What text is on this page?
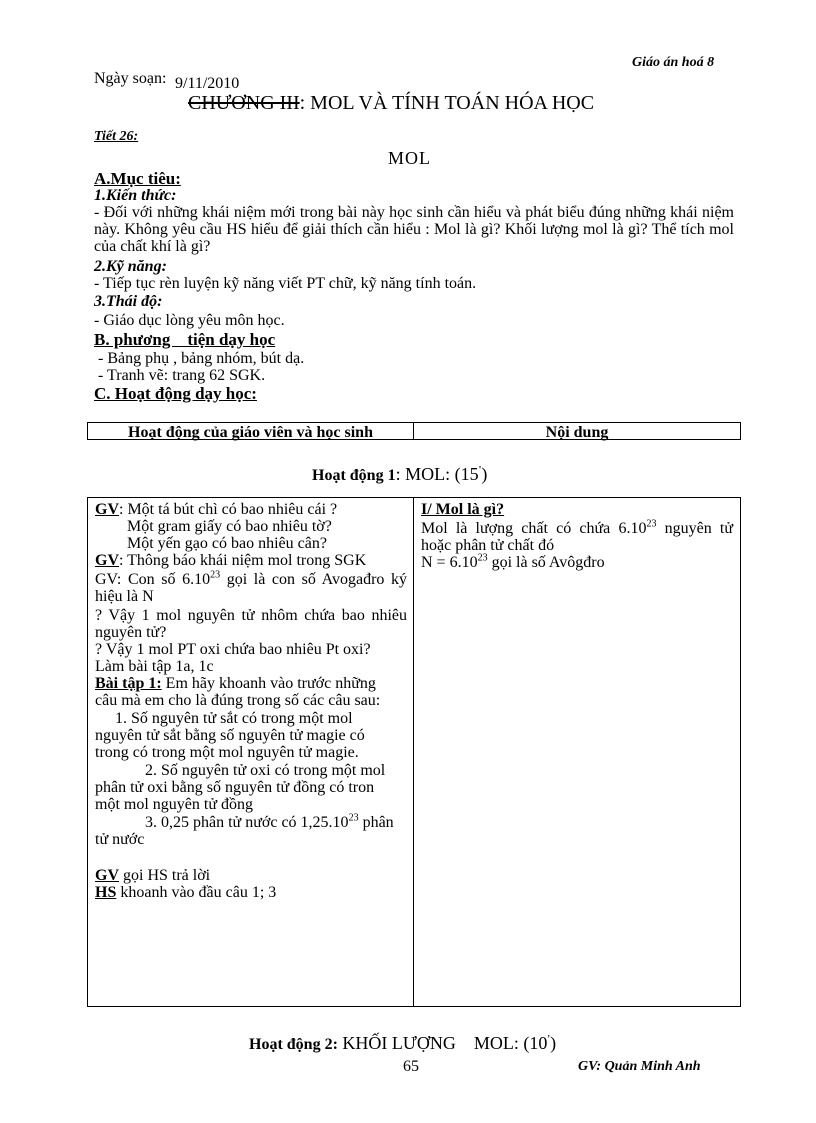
Giáo án hoá 8
Ngày soạn: 9/11/2010
CHƯƠNG III: MOL VÀ TÍNH TOÁN HÓA HỌC
Tiết 26:
MOL
A.Mục tiêu:
1.Kiến thức:
- Đối với những khái niệm mới trong bài này học sinh cần hiểu và phát biểu đúng những khái niệm này. Không yêu cầu HS hiểu để giải thích cần hiểu : Mol là gì? Khối lượng mol là gì? Thể tích mol của chất khí là gì?
2.Kỹ năng:
- Tiếp tục rèn luyện kỹ năng viết PT chữ, kỹ năng tính toán.
3.Thái độ:
- Giáo dục lòng yêu môn học.
B. phương    tiện dạy học
- Bảng phụ , bảng nhóm, bút dạ.
- Tranh vẽ: trang 62 SGK.
C. Hoạt động dạy học:
Hoạt động của giáo viên và học sinh	Nội dung
Hoạt động 1: MOL: (15')
GV: Một tá bút chì có bao nhiêu cái ?
Một gram giấy có bao nhiêu tờ?
Một yến gạo có bao nhiêu cân?
GV: Thông báo khái niệm mol trong SGK
GV: Con số 6.10$^{23}$ gọi là con số Avogađro ký hiệu là N
? Vậy 1 mol nguyên tử nhôm chứa bao nhiêu nguyên tử?
? Vậy 1 mol PT oxi chứa bao nhiêu Pt oxi?
Làm bài tập 1a, 1c
Bài tập 1: Em hãy khoanh vào trước những câu mà em cho là đúng trong số các câu sau:
1. Số nguyên tử sắt có trong một mol nguyên tử sắt bằng số nguyên tử magie có trong có trong một mol nguyên tử magie.
2. Số nguyên tử oxi có trong một mol phân tử oxi bằng số nguyên tử đồng có tron một mol nguyên tử đồng
3. 0,25 phân tử nước có 1,25.10$^{23}$ phân tử nước
GV gọi HS trả lời
HS khoanh vào đầu câu 1; 3
I/ Mol là gì?
Mol là lượng chất có chứa 6.10$^{23}$ nguyên tử hoặc phân tử chất đó
$N = 6.10^{23}$ gọi là số Avôgđro
Hoạt động 2: KHỐI LƯỢNG    MOL: (10')
65	GV: Quản Minh Anh
